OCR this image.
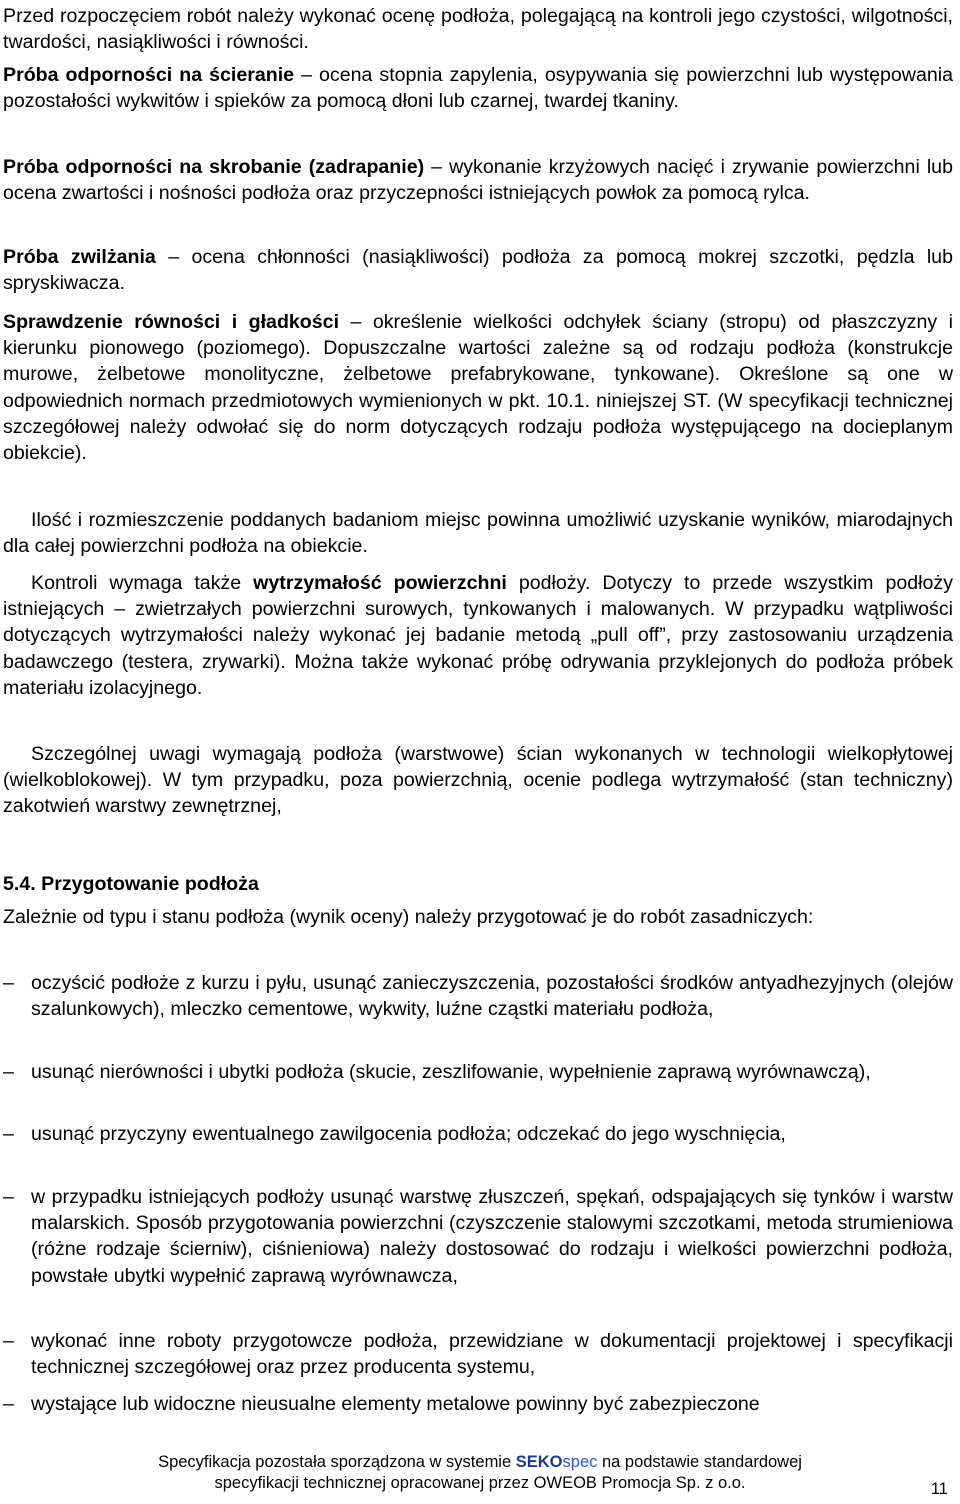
Przed rozpoczęciem robót należy wykonać ocenę podłoża, polegającą na kontroli jego czystości, wilgotności, twardości, nasiąkliwości i równości.

Próba odporności na ścieranie – ocena stopnia zapylenia, osypywania się powierzchni lub występowania pozostałości wykwitów i spieków za pomocą dłoni lub czarnej, twardej tkaniny.

Próba odporności na skrobanie (zadrapanie) – wykonanie krzyżowych nacięć i zrywanie powierzchni lub ocena zwartości i nośności podłoża oraz przyczepności istniejących powłok za pomocą rylca.

Próba zwilżania – ocena chłonności (nasiąkliwości) podłoża za pomocą mokrej szczotki, pędzla lub spryskiwacza.

Sprawdzenie równości i gładkości – określenie wielkości odchyłek ściany (stropu) od płaszczyzny i kierunku pionowego (poziomego). Dopuszczalne wartości zależne są od rodzaju podłoża (konstrukcje murowe, żelbetowe monolityczne, żelbetowe prefabrykowane, tynkowane). Określone są one w odpowiednich normach przedmiotowych wymienionych w pkt. 10.1. niniejszej ST. (W specyfikacji technicznej szczegółowej należy odwołać się do norm dotyczących rodzaju podłoża występującego na docieplanym obiekcie).

Ilość i rozmieszczenie poddanych badaniom miejsc powinna umożliwić uzyskanie wyników, miarodajnych dla całej powierzchni podłoża na obiekcie.

Kontroli wymaga także wytrzymałość powierzchni podłoży. Dotyczy to przede wszystkim podłoży istniejących – zwietrzałych powierzchni surowych, tynkowanych i malowanych. W przypadku wątpliwości dotyczących wytrzymałości należy wykonać jej badanie metodą „pull off”, przy zastosowaniu urządzenia badawczego (testera, zrywarki). Można także wykonać próbę odrywania przyklejonych do podłoża próbek materiału izolacyjnego.

Szczególnej uwagi wymagają podłoża (warstwowe) ścian wykonanych w technologii wielkopłytowej (wielkoblokowej). W tym przypadku, poza powierzchnią, ocenie podlega wytrzymałość (stan techniczny) zakotwień warstwy zewnętrznej,

5.4. Przygotowanie podłoża

Zależnie od typu i stanu podłoża (wynik oceny) należy przygotować je do robót zasadniczych:

– oczyścić podłoże z kurzu i pyłu, usunąć zanieczyszczenia, pozostałości środków antyadhezyjnych (olejów szalunkowych), mleczko cementowe, wykwity, luźne cząstki materiału podłoża,
– usunąć nierówności i ubytki podłoża (skucie, zeszlifowanie, wypełnienie zaprawą wyrównawczą),
– usunąć przyczyny ewentualnego zawilgocenia podłoża; odczekać do jego wyschnięcia,
– w przypadku istniejących podłoży usunąć warstwę złuszczeń, spękań, odspajających się tynków i warstw malarskich. Sposób przygotowania powierzchni (czyszczenie stalowymi szczotkami, metoda strumieniowa (różne rodzaje ścierniw), ciśnieniowa) należy dostosować do rodzaju i wielkości powierzchni podłoża, powstałe ubytki wypełnić zaprawą wyrównawcza,
– wykonać inne roboty przygotowcze podłoża, przewidziane w dokumentacji projektowej i specyfikacji technicznej szczegółowej oraz przez producenta systemu,
– wystające lub widoczne nieusualne elementy metalowe powinny być zabezpieczone
Specyfikacja pozostała sporządzona w systemie SEKOspec na podstawie standardowej
specyfikacji technicznej opracowanej przez OWEOB Promocja Sp. z o.o.	11
